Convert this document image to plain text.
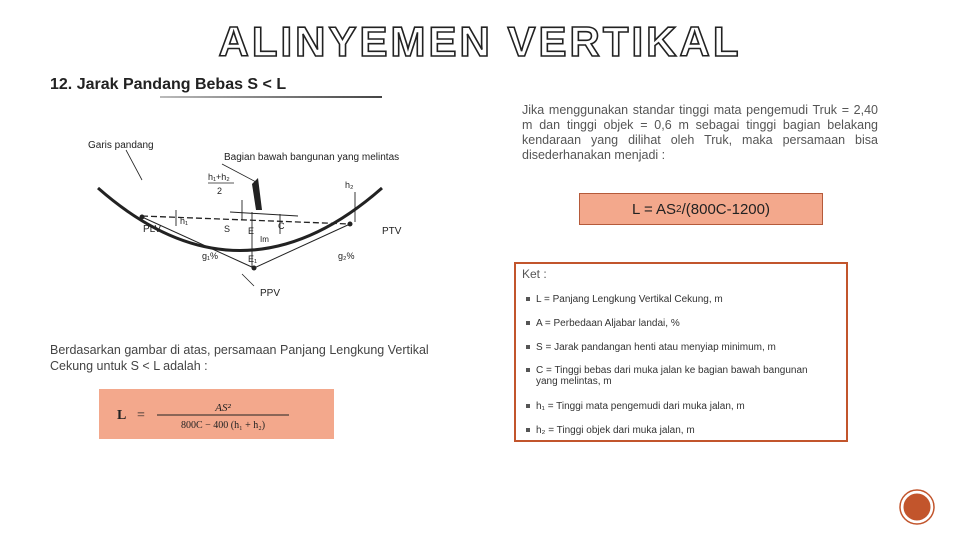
ALINYEMEN VERTIKAL
12. Jarak Pandang Bebas S < L
Garis pandang
Bagian bawah bangunan yang melintas
h₁+h₂
2
h₂
h₁
PLV	PTV
PPV
S	C
E
Im
E₁
g₁%	g₂%
Jika menggunakan standar tinggi mata pengemudi Truk = 2,40 m dan tinggi objek = 0,6 m sebagai tinggi bagian belakang kendaraan yang dilihat oleh Truk, maka persamaan bisa disederhanakan menjadi :
L = AS 2 /(800C-1200)
Ket :
L = Panjang Lengkung Vertikal Cekung, m
A = Perbedaan Aljabar landai, %
S = Jarak pandangan henti atau menyiap minimum, m
C = Tinggi bebas dari muka jalan ke bagian bawah bangunan
yang melintas, m
h₁ = Tinggi mata pengemudi dari muka jalan, m
h₂ = Tinggi objek dari muka jalan, m
Berdasarkan gambar di atas, persamaan Panjang Lengkung Vertikal Cekung untuk S < L adalah :
L =	AS²
800C − 400 (h₁ + h₂)
